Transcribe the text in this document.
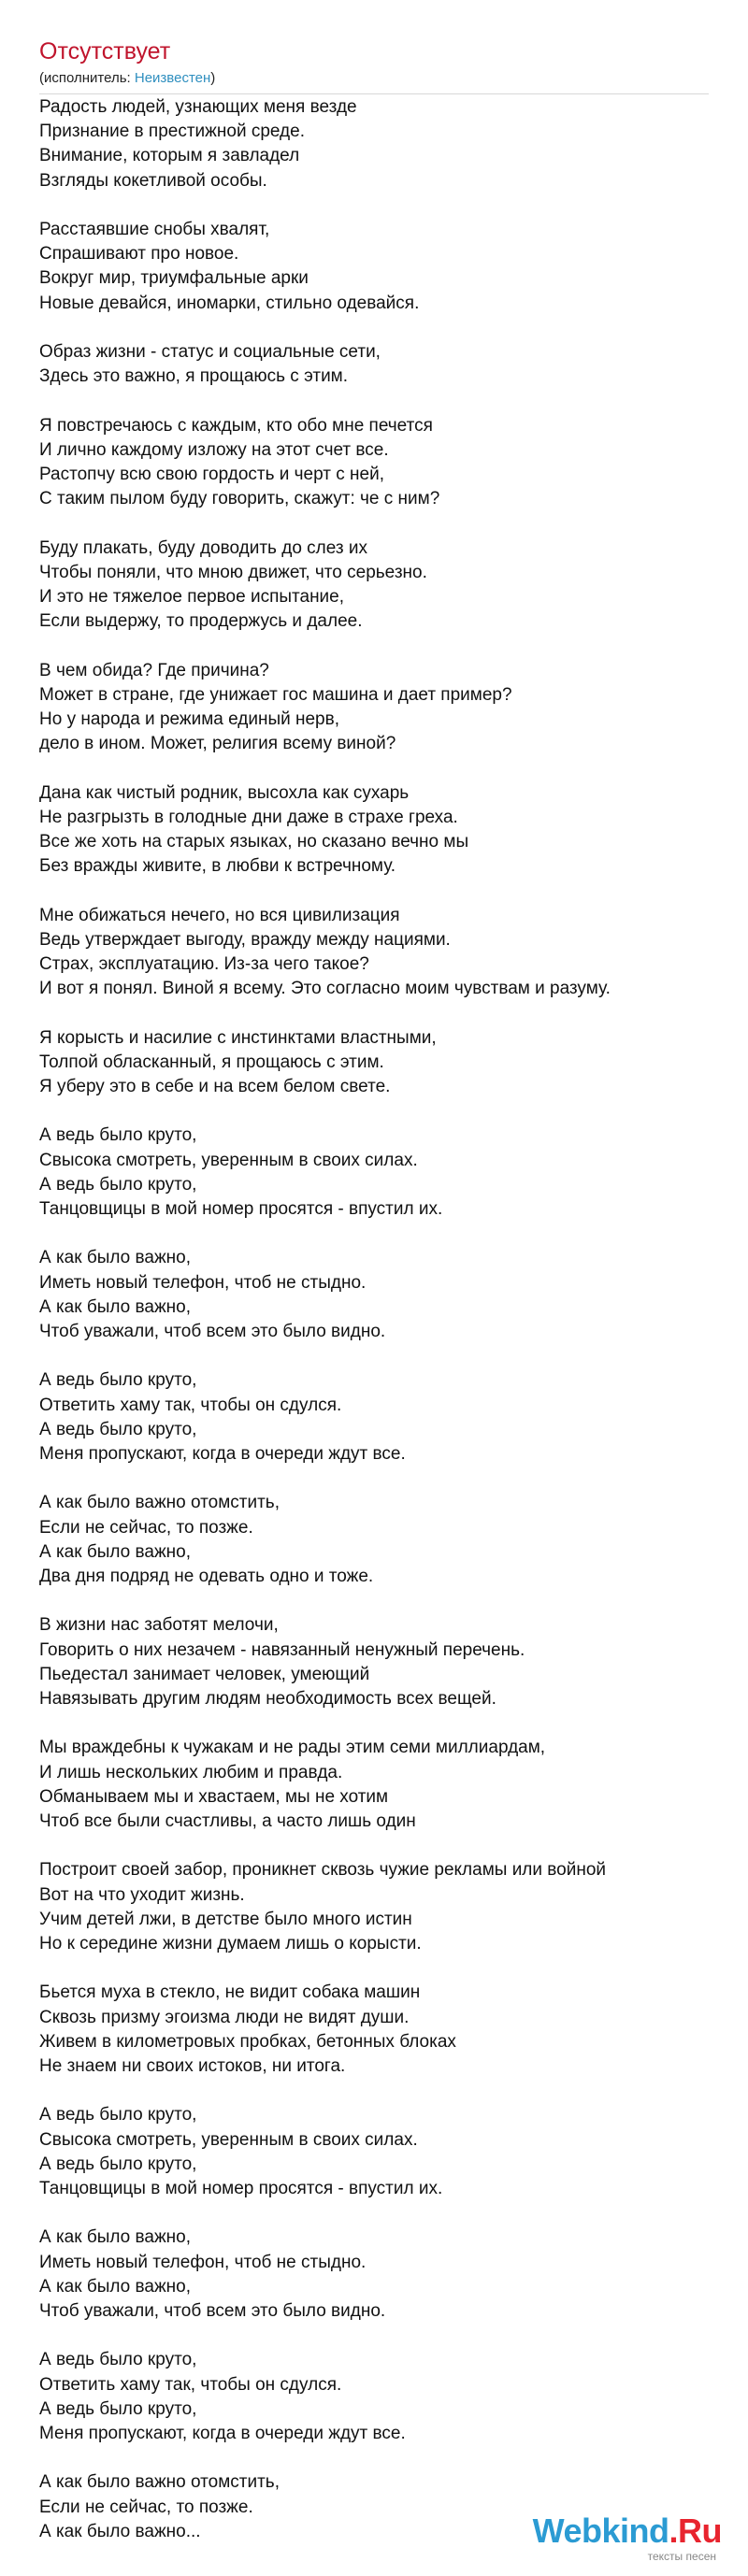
Отсутствует
(исполнитель: Неизвестен)
Радость людей, узнающих меня везде
Признание в престижной среде.
Внимание, которым я завладел
Взгляды кокетливой особы.
Расстаявшие снобы хвалят,
Спрашивают про новое.
Вокруг мир, триумфальные арки
Новые девайся, иномарки, стильно одевайся.
Образ жизни - статус и социальные сети,
Здесь это важно, я прощаюсь с этим.
Я повстречаюсь с каждым, кто обо мне печется
И лично каждому изложу на этот счет все.
Растопчу всю свою гордость и черт с ней,
С таким пылом буду говорить, скажут: че с ним?
Буду плакать, буду доводить до слез их
Чтобы поняли, что мною движет, что серьезно.
И это не тяжелое первое испытание,
Если выдержу, то продержусь и далее.
В чем обида? Где причина?
Может в стране, где унижает гос машина и дает пример?
Но у народа и режима единый нерв,
дело в ином. Может, религия всему виной?
Дана как чистый родник, высохла как сухарь
Не разгрызть в голодные дни даже в страхе греха.
Все же хоть на старых языках, но сказано вечно мы
Без вражды живите, в любви к встречному.
Мне обижаться нечего, но вся цивилизация
Ведь утверждает выгоду, вражду между нациями.
Страх, эксплуатацию. Из-за чего такое?
И вот я понял. Виной я всему. Это согласно моим чувствам и разуму.
Я корысть и насилие с инстинктами властными,
Толпой обласканный, я прощаюсь с этим.
Я уберу это в себе и на всем белом свете.
А ведь было круто,
Свысока смотреть, уверенным в своих силах.
А ведь было круто,
Танцовщицы в мой номер просятся - впустил их.
А как было важно,
Иметь новый телефон, чтоб не стыдно.
А как было важно,
Чтоб уважали, чтоб всем это было видно.
А ведь было круто,
Ответить хаму так, чтобы он сдулся.
А ведь было круто,
Меня пропускают, когда в очереди ждут все.
А как было важно отомстить,
Если не сейчас, то позже.
А как было важно,
Два дня подряд не одевать одно и тоже.
В жизни нас заботят мелочи,
Говорить о них незачем - навязанный ненужный перечень.
Пьедестал занимает человек, умеющий
Навязывать другим людям необходимость всех вещей.
Мы враждебны к чужакам и не рады этим семи миллиардам,
И лишь нескольких любим и правда.
Обманываем мы и хвастаем, мы не хотим
Чтоб все были счастливы, а часто лишь один
Построит своей забор, проникнет сквозь чужие рекламы или войной
Вот на что уходит жизнь.
Учим детей лжи, в детстве было много истин
Но к середине жизни думаем лишь о корысти.
Бьется муха в стекло, не видит собака машин
Сквозь призму эгоизма люди не видят души.
Живем в километровых пробках, бетонных блоках
Не знаем ни своих истоков, ни итога.
А ведь было круто,
Свысока смотреть, уверенным в своих силах.
А ведь было круто,
Танцовщицы в мой номер просятся - впустил их.
А как было важно,
Иметь новый телефон, чтоб не стыдно.
А как было важно,
Чтоб уважали, чтоб всем это было видно.
А ведь было круто,
Ответить хаму так, чтобы он сдулся.
А ведь было круто,
Меня пропускают, когда в очереди ждут все.
А как было важно отомстить,
Если не сейчас, то позже.
А как было важно...	Webkind.Ru
тексты песен
